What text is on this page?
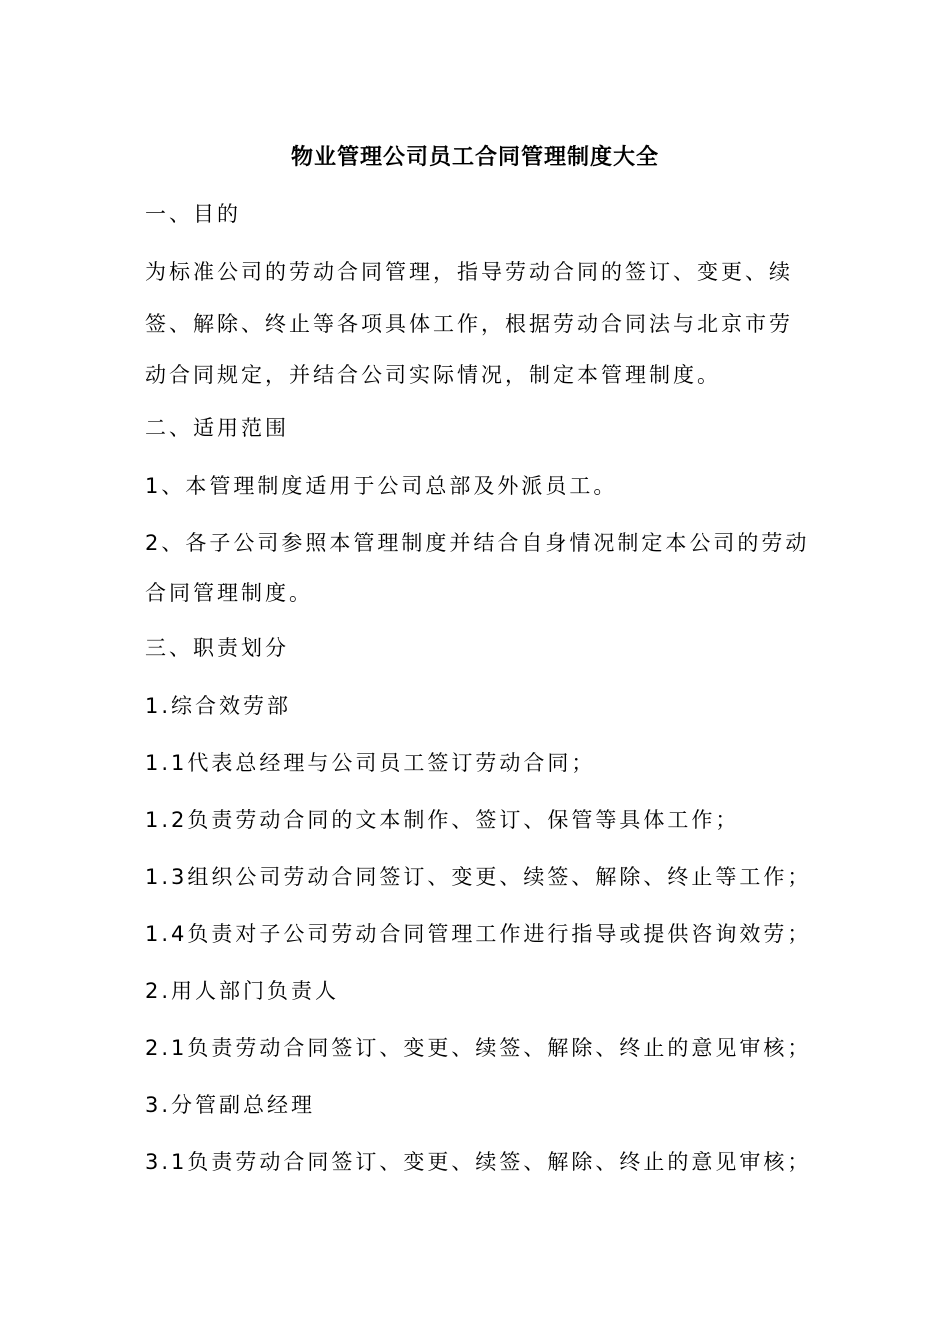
物业管理公司员工合同管理制度大全
一、目的
为标准公司的劳动合同管理，指导劳动合同的签订、变更、续
签、解除、终止等各项具体工作，根据劳动合同法与北京市劳
动合同规定，并结合公司实际情况，制定本管理制度。
二、适用范围
1、本管理制度适用于公司总部及外派员工。
2、各子公司参照本管理制度并结合自身情况制定本公司的劳动
合同管理制度。
三、职责划分
1.综合效劳部
1.1代表总经理与公司员工签订劳动合同；
1.2负责劳动合同的文本制作、签订、保管等具体工作；
1.3组织公司劳动合同签订、变更、续签、解除、终止等工作；
1.4负责对子公司劳动合同管理工作进行指导或提供咨询效劳；
2.用人部门负责人
2.1负责劳动合同签订、变更、续签、解除、终止的意见审核；
3.分管副总经理
3.1负责劳动合同签订、变更、续签、解除、终止的意见审核；
